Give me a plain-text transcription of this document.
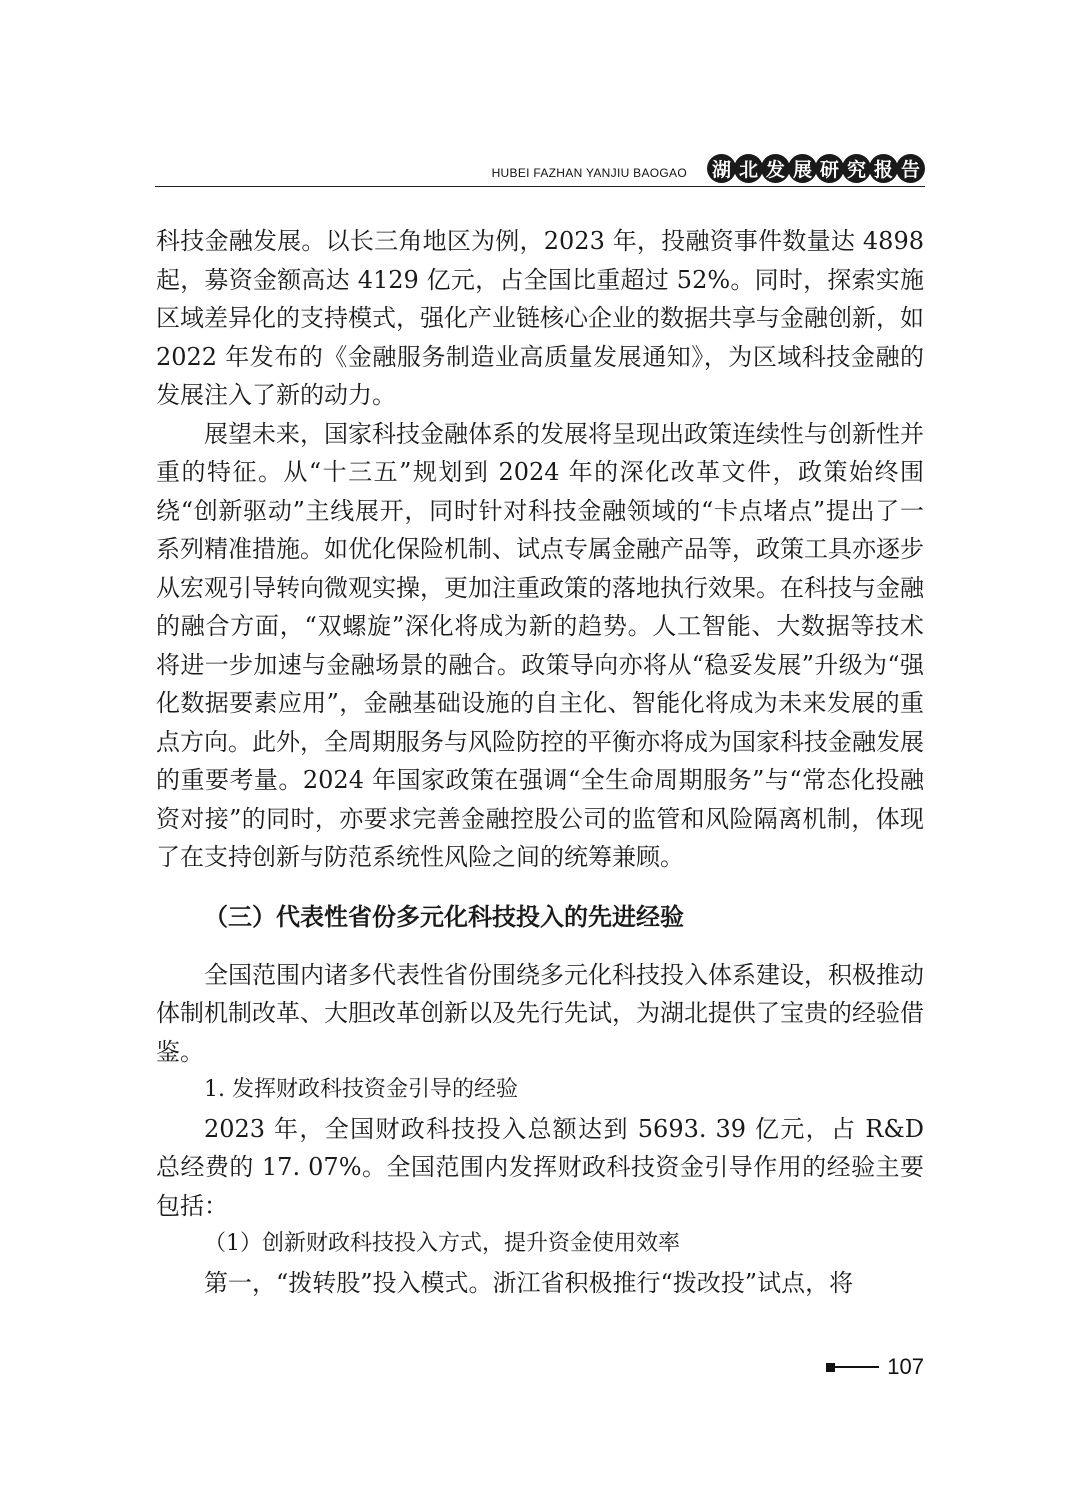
HUBEI FAZHAN YANJIU BAOGAO 湖 北 发 展 研 究 报 告

科技金融发展。以长三角地区为例，2023 年，投融资事件数量达 4898 起，募资金额高达 4129 亿元，占全国比重超过 52%。同时，探索实施区域差异化的支持模式，强化产业链核心企业的数据共享与金融创新，如 2022 年发布的《金融服务制造业高质量发展通知》，为区域科技金融的发展注入了新的动力。

展望未来，国家科技金融体系的发展将呈现出政策连续性与创新性并重的特征。从“十三五”规划到 2024 年的深化改革文件，政策始终围绕“创新驱动”主线展开，同时针对科技金融领域的“卡点堵点”提出了一系列精准措施。如优化保险机制、试点专属金融产品等，政策工具亦逐步从宏观引导转向微观实操，更加注重政策的落地执行效果。在科技与金融的融合方面，“双螺旋”深化将成为新的趋势。人工智能、大数据等技术将进一步加速与金融场景的融合。政策导向亦将从“稳妥发展”升级为“强化数据要素应用”，金融基础设施的自主化、智能化将成为未来发展的重点方向。此外，全周期服务与风险防控的平衡亦将成为国家科技金融发展的重要考量。2024 年国家政策在强调“全生命周期服务”与“常态化投融资对接”的同时，亦要求完善金融控股公司的监管和风险隔离机制，体现了在支持创新与防范系统性风险之间的统筹兼顾。

（三）代表性省份多元化科技投入的先进经验

全国范围内诸多代表性省份围绕多元化科技投入体系建设，积极推动体制机制改革、大胆改革创新以及先行先试，为湖北提供了宝贵的经验借鉴。

1. 发挥财政科技资金引导的经验

2023 年，全国财政科技投入总额达到 5693. 39 亿元，占 R&D 总经费的 17. 07%。全国范围内发挥财政科技资金引导作用的经验主要包括：

（1）创新财政科技投入方式，提升资金使用效率

第一，“拨转股”投入模式。浙江省积极推行“拨改投”试点，将

107
